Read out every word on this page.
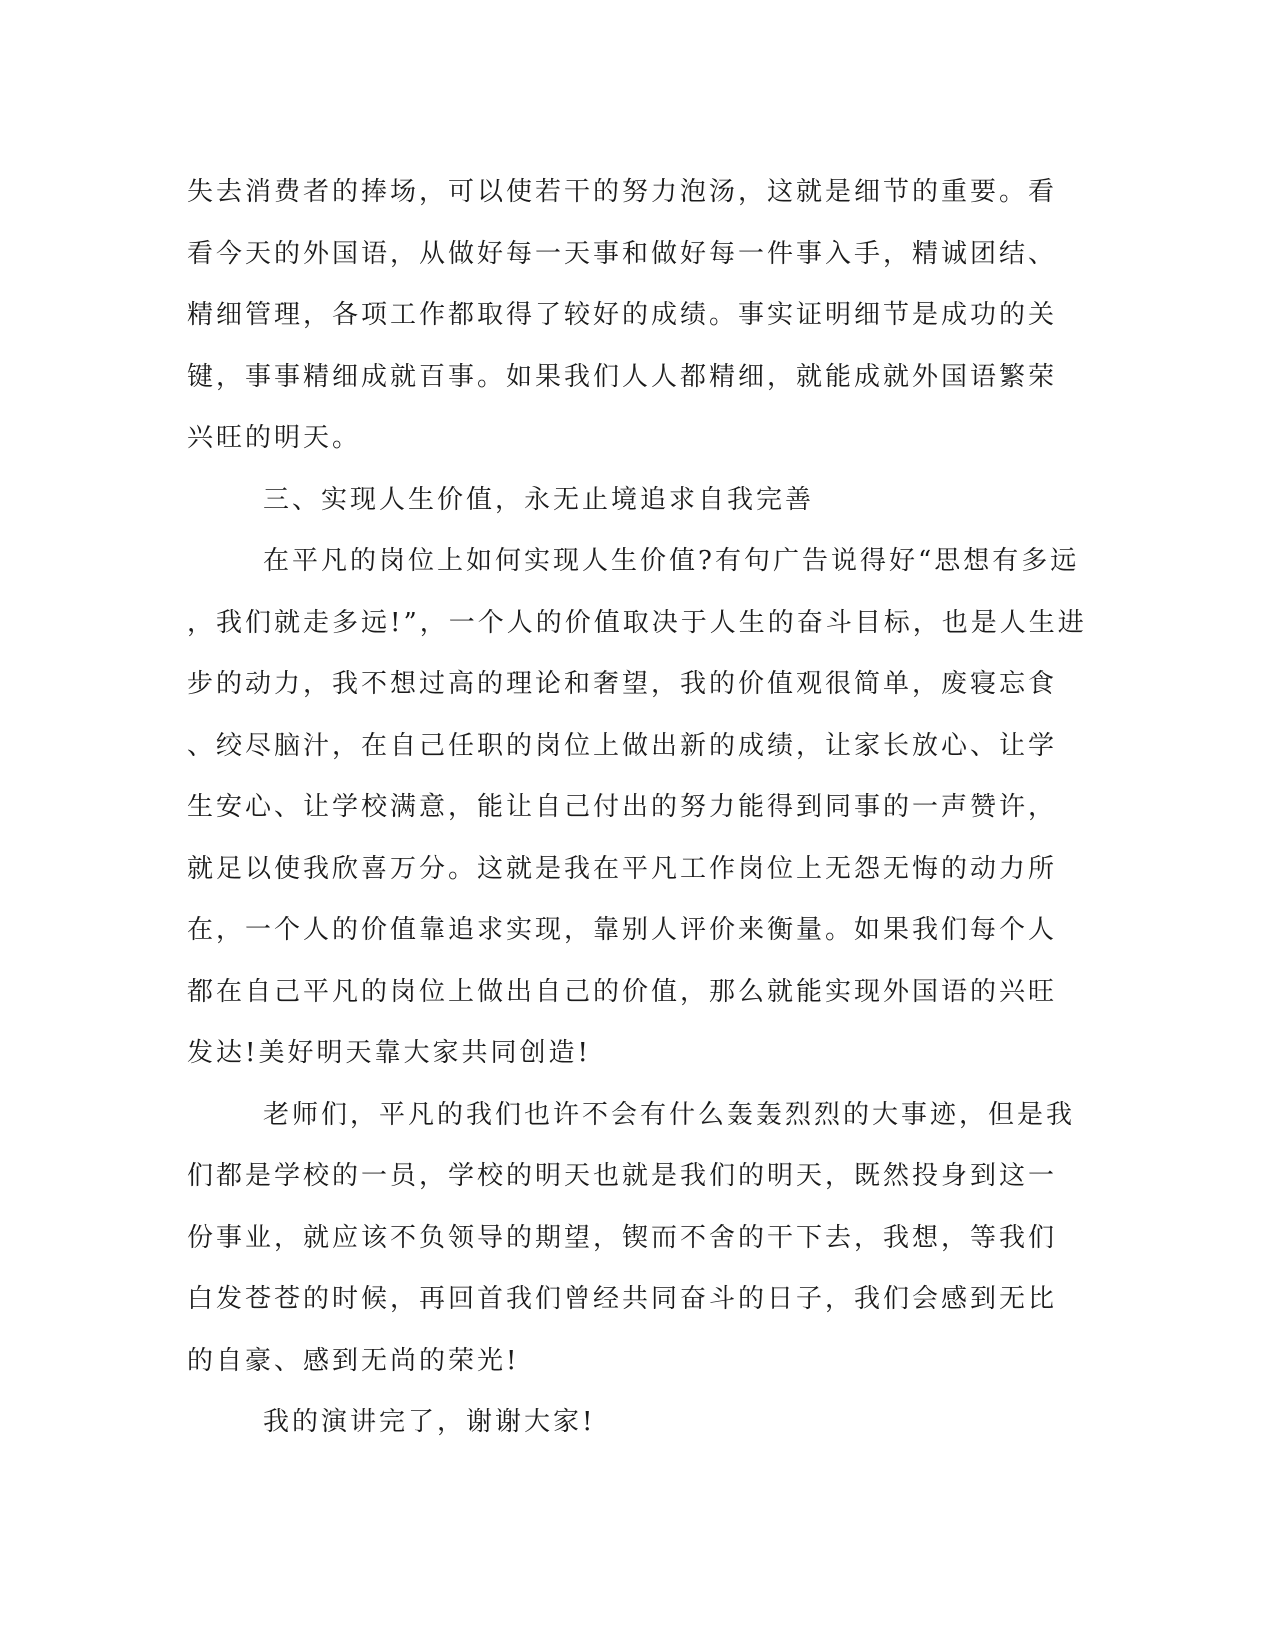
失去消费者的捧场，可以使若干的努力泡汤，这就是细节的重要。看
看今天的外国语，从做好每一天事和做好每一件事入手，精诚团结、
精细管理，各项工作都取得了较好的成绩。事实证明细节是成功的关
键，事事精细成就百事。如果我们人人都精细，就能成就外国语繁荣
兴旺的明天。
三、实现人生价值，永无止境追求自我完善
在平凡的岗位上如何实现人生价值?有句广告说得好“思想有多远
，我们就走多远!”，一个人的价值取决于人生的奋斗目标，也是人生进
步的动力，我不想过高的理论和奢望，我的价值观很简单，废寝忘食
、绞尽脑汁，在自己任职的岗位上做出新的成绩，让家长放心、让学
生安心、让学校满意，能让自己付出的努力能得到同事的一声赞许，
就足以使我欣喜万分。这就是我在平凡工作岗位上无怨无悔的动力所
在，一个人的价值靠追求实现，靠别人评价来衡量。如果我们每个人
都在自己平凡的岗位上做出自己的价值，那么就能实现外国语的兴旺
发达!美好明天靠大家共同创造!
老师们，平凡的我们也许不会有什么轰轰烈烈的大事迹，但是我
们都是学校的一员，学校的明天也就是我们的明天，既然投身到这一
份事业，就应该不负领导的期望，锲而不舍的干下去，我想，等我们
白发苍苍的时候，再回首我们曾经共同奋斗的日子，我们会感到无比
的自豪、感到无尚的荣光!
我的演讲完了，谢谢大家!
